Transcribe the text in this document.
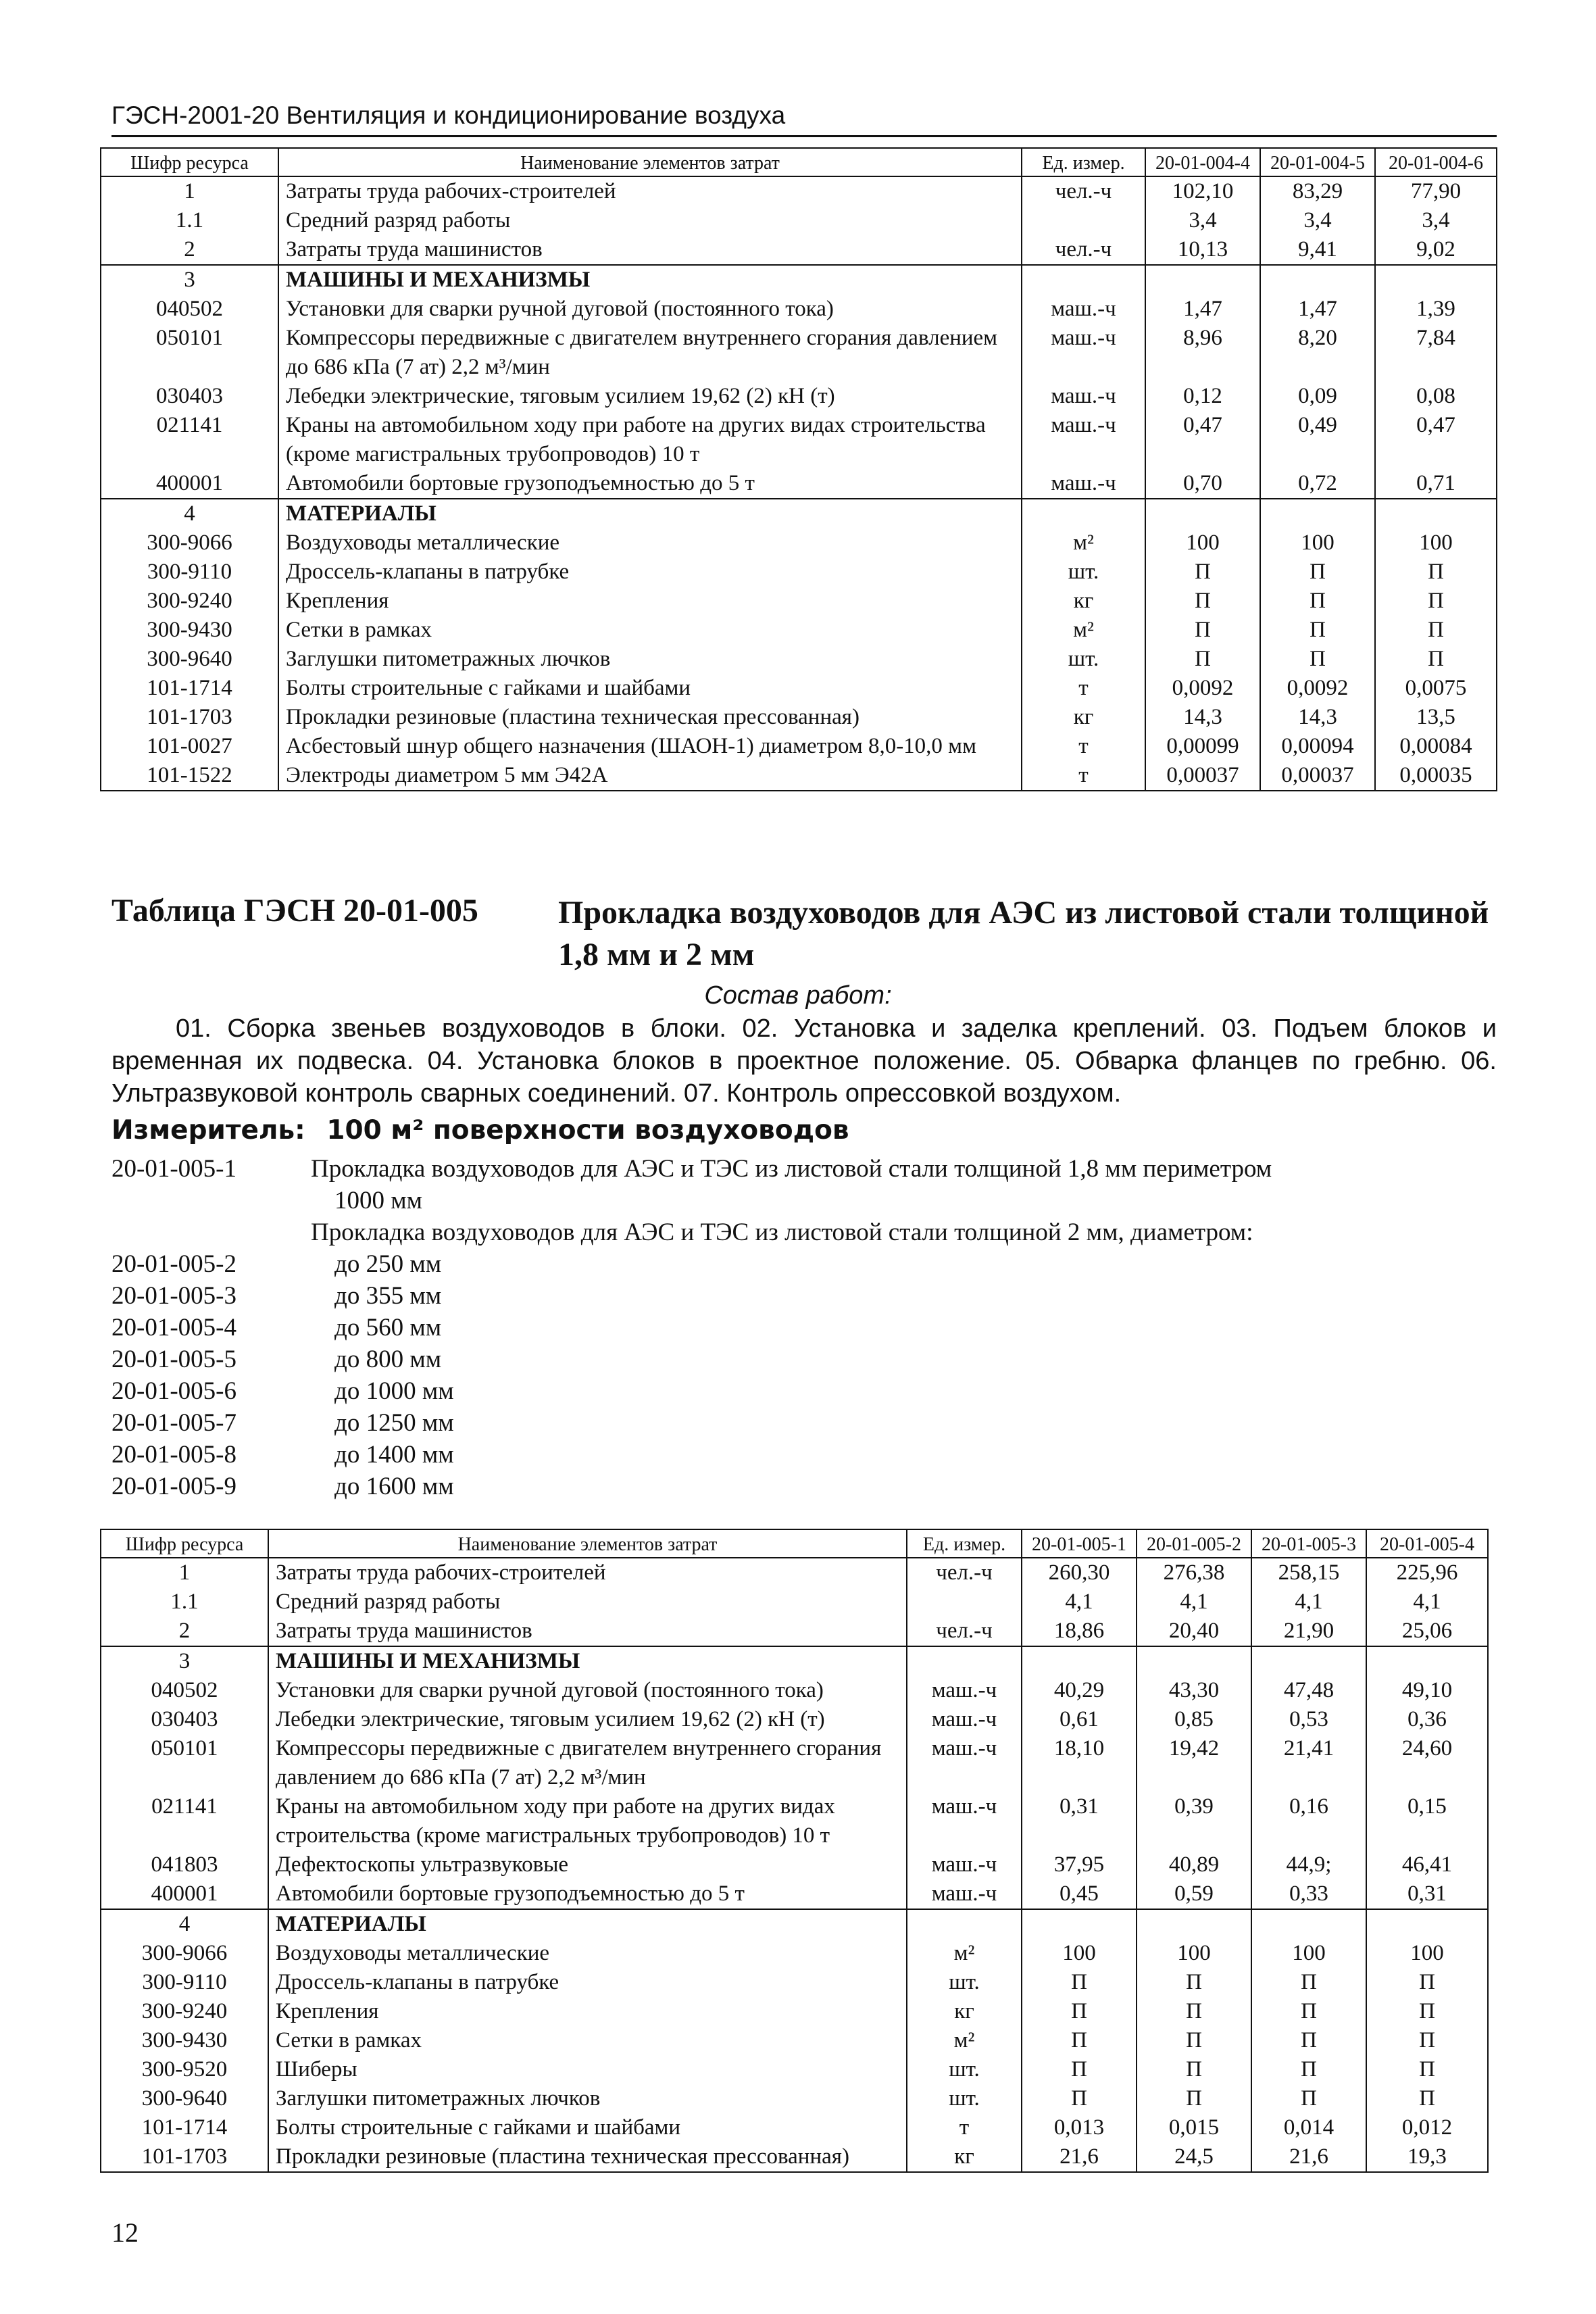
ГЭСН-2001-20 Вентиляция и кондиционирование воздуха
Шифр ресурса	Наименование элементов затрат	Ед. измер.	20-01-004-4	20-01-004-5	20-01-004-6
1	Затраты труда рабочих-строителей	чел.-ч	102,10	83,29	77,90
1.1	Средний разряд работы		3,4	3,4	3,4
2	Затраты труда машинистов	чел.-ч	10,13	9,41	9,02
3	МАШИНЫ И МЕХАНИЗМЫ				
040502	Установки для сварки ручной дуговой (постоянного тока)	маш.-ч	1,47	1,47	1,39
050101	Компрессоры передвижные с двигателем внутреннего сгорания давлением до 686 кПа (7 ат) 2,2 м³/мин	маш.-ч	8,96	8,20	7,84
030403	Лебедки электрические, тяговым усилием 19,62 (2) кН (т)	маш.-ч	0,12	0,09	0,08
021141	Краны на автомобильном ходу при работе на других видах строительства (кроме магистральных трубопроводов) 10 т	маш.-ч	0,47	0,49	0,47
400001	Автомобили бортовые грузоподъемностью до 5 т	маш.-ч	0,70	0,72	0,71
4	МАТЕРИАЛЫ				
300-9066	Воздуховоды металлические	м²	100	100	100
300-9110	Дроссель-клапаны в патрубке	шт.	П	П	П
300-9240	Крепления	кг	П	П	П
300-9430	Сетки в рамках	м²	П	П	П
300-9640	Заглушки питометражных лючков	шт.	П	П	П
101-1714	Болты строительные с гайками и шайбами	т	0,0092	0,0092	0,0075
101-1703	Прокладки резиновые (пластина техническая прессованная)	кг	14,3	14,3	13,5
101-0027	Асбестовый шнур общего назначения (ШАОН-1) диаметром 8,0-10,0 мм	т	0,00099	0,00094	0,00084
101-1522	Электроды диаметром 5 мм Э42А	т	0,00037	0,00037	0,00035
Таблица ГЭСН 20-01-005 Прокладка воздуховодов для АЭС из листовой стали толщиной 1,8 мм и 2 мм
Состав работ:
01. Сборка звеньев воздуховодов в блоки. 02. Установка и заделка креплений. 03. Подъем блоков и временная их подвеска. 04. Установка блоков в проектное положение. 05. Обварка фланцев по гребню. 06. Ультразвуковой контроль сварных соединений. 07. Контроль опрессовкой воздухом.
Измеритель: 100 м² поверхности воздуховодов
20-01-005-1	Прокладка воздуховодов для АЭС и ТЭС из листовой стали толщиной 1,8 мм периметром
1000 мм
Прокладка воздуховодов для АЭС и ТЭС из листовой стали толщиной 2 мм, диаметром:
20-01-005-2	до 250 мм
20-01-005-3	до 355 мм
20-01-005-4	до 560 мм
20-01-005-5	до 800 мм
20-01-005-6	до 1000 мм
20-01-005-7	до 1250 мм
20-01-005-8	до 1400 мм
20-01-005-9	до 1600 мм
Шифр ресурса	Наименование элементов затрат	Ед. измер.	20-01-005-1	20-01-005-2	20-01-005-3	20-01-005-4
1	Затраты труда рабочих-строителей	чел.-ч	260,30	276,38	258,15	225,96
1.1	Средний разряд работы		4,1	4,1	4,1	4,1
2	Затраты труда машинистов	чел.-ч	18,86	20,40	21,90	25,06
3	МАШИНЫ И МЕХАНИЗМЫ					
040502	Установки для сварки ручной дуговой (постоянного тока)	маш.-ч	40,29	43,30	47,48	49,10
030403	Лебедки электрические, тяговым усилием 19,62 (2) кН (т)	маш.-ч	0,61	0,85	0,53	0,36
050101	Компрессоры передвижные с двигателем внутреннего сгорания давлением до 686 кПа (7 ат) 2,2 м³/мин	маш.-ч	18,10	19,42	21,41	24,60
021141	Краны на автомобильном ходу при работе на других видах строительства (кроме магистральных трубопроводов) 10 т	маш.-ч	0,31	0,39	0,16	0,15
041803	Дефектоскопы ультразвуковые	маш.-ч	37,95	40,89	44,9;	46,41
400001	Автомобили бортовые грузоподъемностью до 5 т	маш.-ч	0,45	0,59	0,33	0,31
4	МАТЕРИАЛЫ					
300-9066	Воздуховоды металлические	м²	100	100	100	100
300-9110	Дроссель-клапаны в патрубке	шт.	П	П	П	П
300-9240	Крепления	кг	П	П	П	П
300-9430	Сетки в рамках	м²	П	П	П	П
300-9520	Шиберы	шт.	П	П	П	П
300-9640	Заглушки питометражных лючков	шт.	П	П	П	П
101-1714	Болты строительные с гайками и шайбами	т	0,013	0,015	0,014	0,012
101-1703	Прокладки резиновые (пластина техническая прессованная)	кг	21,6	24,5	21,6	19,3
12
